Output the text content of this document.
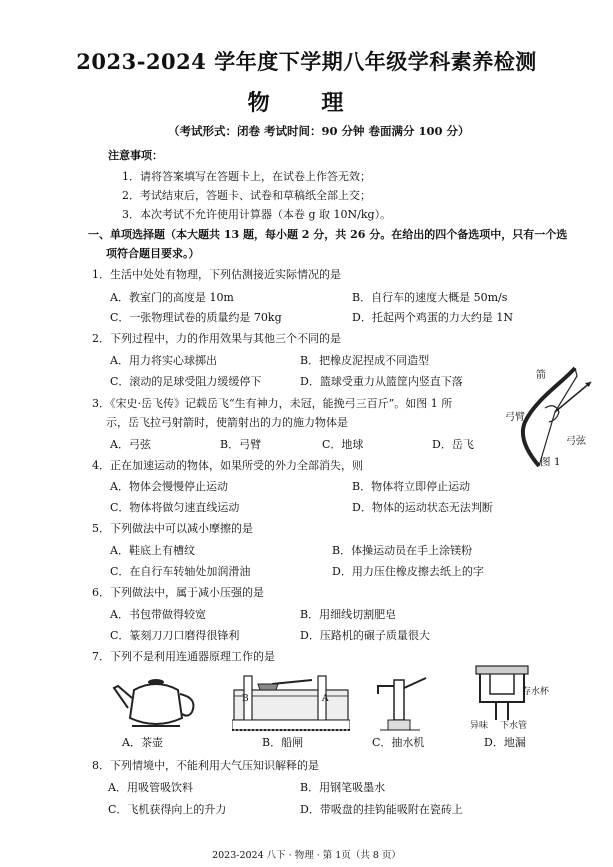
2023-2024 学年度下学期八年级学科素养检测
物 理
（考试形式：闭卷 考试时间：90 分钟 卷面满分 100 分）
注意事项：
1．请将答案填写在答题卡上，在试卷上作答无效；
2．考试结束后，答题卡、试卷和草稿纸全部上交；
3．本次考试不允许使用计算器（本卷 g 取 10N/kg）。
一、单项选择题（本大题共 13 题，每小题 2 分，共 26 分。在给出的四个备选项中，只有一个选
项符合题目要求。）
1．生活中处处有物理，下列估测接近实际情况的是
A．教室门的高度是 10m	B．自行车的速度大概是 50m/s
C．一张物理试卷的质量约是 70kg	D．托起两个鸡蛋的力大约是 1N
2．下列过程中，力的作用效果与其他三个不同的是
A．用力将实心球掷出	B．把橡皮泥捏成不同造型
C．滚动的足球受阻力缓缓停下	D．篮球受重力从篮筐内竖直下落
3．《宋史·岳飞传》记载岳飞“生有神力，未冠，能挽弓三百斤”。如图 1 所
示，岳飞拉弓射箭时，使箭射出的力的施力物体是
A．弓弦	B．弓臂	C．地球	D．岳飞
箭
弓臂
弓弦
图 1
4．正在加速运动的物体，如果所受的外力全部消失，则
A．物体会慢慢停止运动	B．物体将立即停止运动
C．物体将做匀速直线运动	D．物体的运动状态无法判断
5．下列做法中可以减小摩擦的是
A．鞋底上有槽纹	B．体操运动员在手上涂镁粉
C．在自行车转轴处加润滑油	D．用力压住橡皮擦去纸上的字
6．下列做法中，属于减小压强的是
A．书包带做得较宽	B．用细线切割肥皂
C．篆刻刀刀口磨得很锋利	D．压路机的碾子质量很大
7．下列不是利用连通器原理工作的是
B	A
存水杯
异味 下水管
A．茶壶	B．船闸	C．抽水机	D．地漏
8．下列情境中，不能利用大气压知识解释的是
A．用吸管吸饮料	B．用钢笔吸墨水
C．飞机获得向上的升力	D．带吸盘的挂钩能吸附在瓷砖上
2023-2024 八下 · 物理 · 第 1页（共 8 页）
